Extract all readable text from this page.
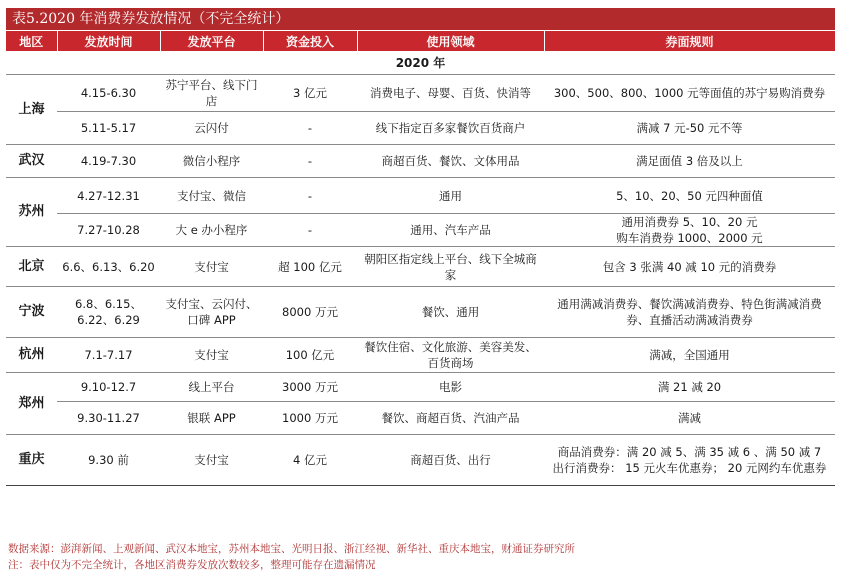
表5.2020 年消费券发放情况（不完全统计）
地区	发放时间	发放平台	资金投入	使用领域	券面规则
2020 年					
上海	4.15-6.30	苏宁平台、线下门店	3 亿元	消费电子、母婴、百货、快消等	300、500、800、1000 元等面值的苏宁易购消费券
	5.11-5.17	云闪付	-	线下指定百多家餐饮百货商户	满减 7 元-50 元不等
武汉	4.19-7.30	微信小程序	-	商超百货、餐饮、文体用品	满足面值 3 倍及以上
苏州	4.27-12.31	支付宝、微信	-	通用	5、10、20、50 元四种面值
	7.27-10.28	大 e 办小程序	-	通用、汽车产品	通用消费券 5、10、20 元
购车消费券 1000、2000 元
北京	6.6、6.13、6.20	支付宝	超 100 亿元	朝阳区指定线上平台、线下全城商家	包含 3 张满 40 减 10 元的消费券
宁波	6.8、6.15、6.22、6.29	支付宝、云闪付、口碑 APP	8000 万元	餐饮、通用	通用满减消费券、餐饮满减消费券、特色街满减消费券、直播活动满减消费券
杭州	7.1-7.17	支付宝	100 亿元	餐饮住宿、文化旅游、美容美发、百货商场	满减，全国通用
郑州	9.10-12.7	线上平台	3000 万元	电影	满 21 减 20
	9.30-11.27	银联 APP	1000 万元	餐饮、商超百货、汽油产品	满减
重庆	9.30 前	支付宝	4 亿元	商超百货、出行	商品消费券：满 20 减 5、满 35 减 6 、满 50 减 7
出行消费券： 15 元火车优惠券； 20 元网约车优惠券
数据来源：澎湃新闻、上观新闻、武汉本地宝，苏州本地宝、光明日报、浙江经视、新华社、重庆本地宝，财通证券研究所
注：表中仅为不完全统计，各地区消费券发放次数较多，整理可能存在遗漏情况
